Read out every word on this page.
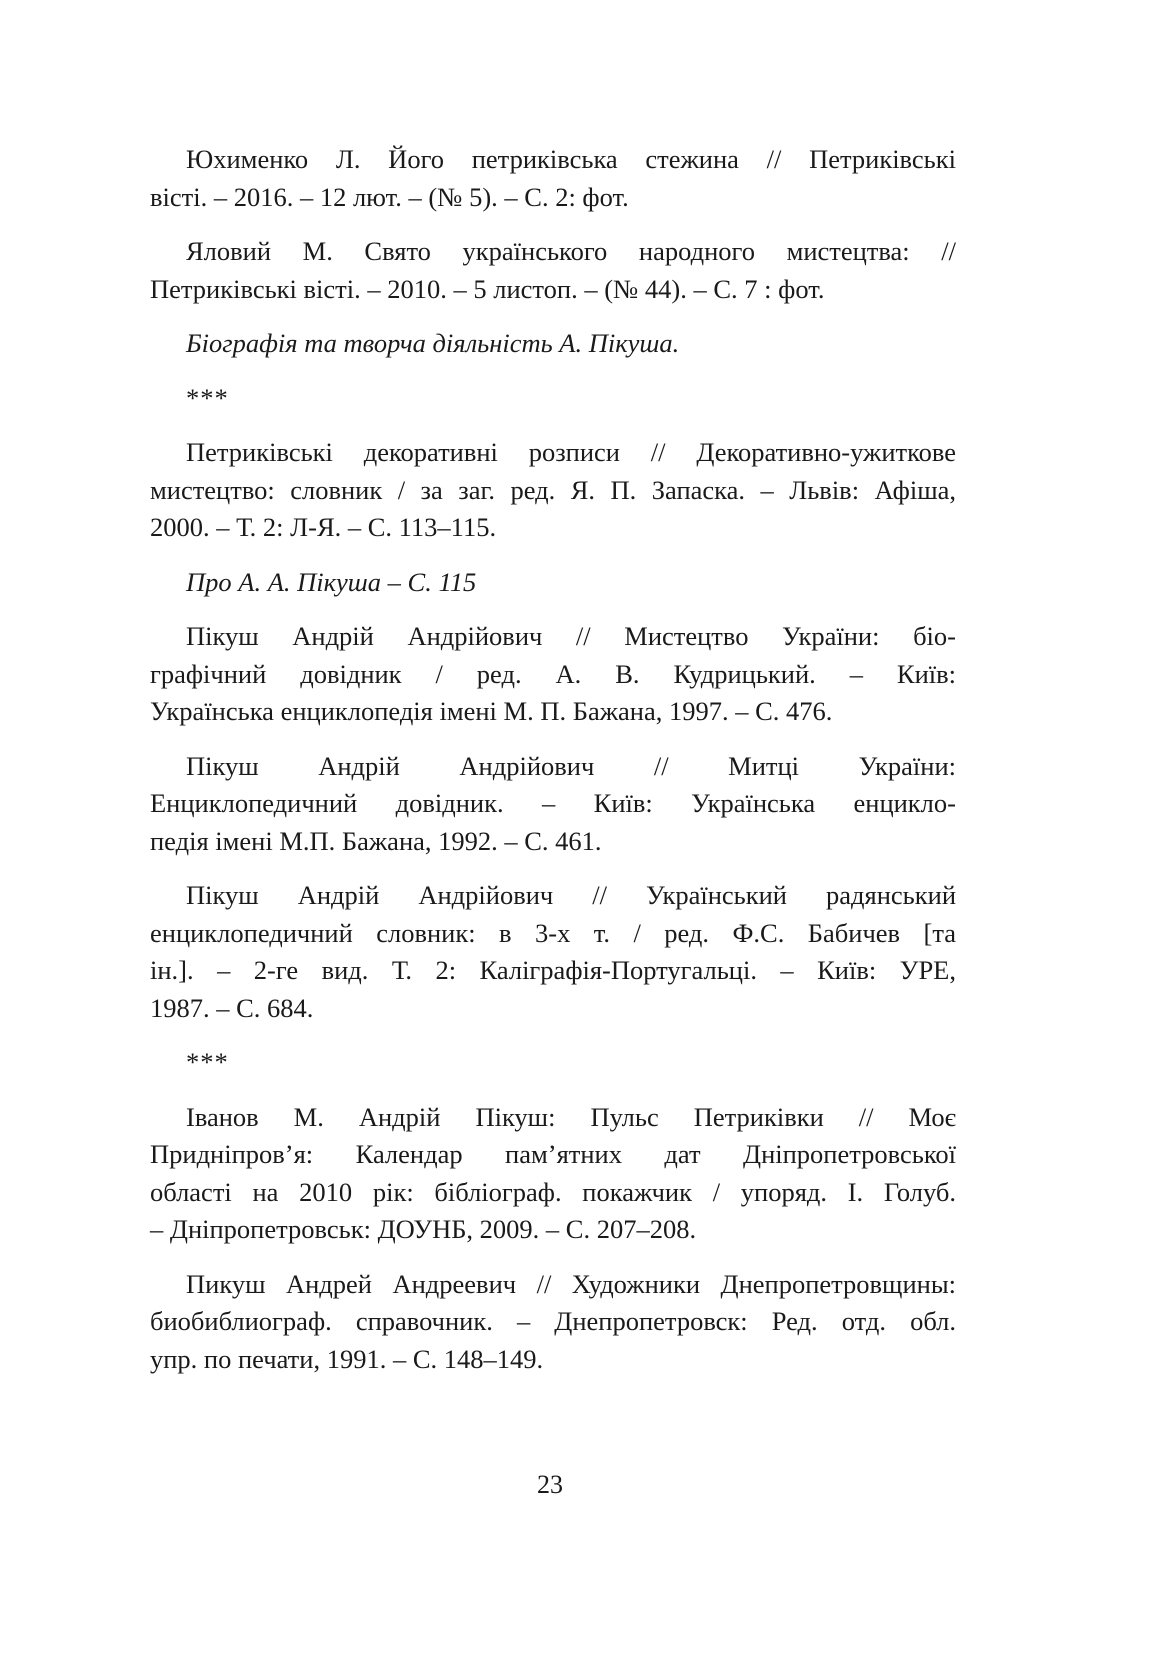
Юхименко Л. Його петриківська стежина // Петриківські
вісті. – 2016. – 12 лют. – (№ 5). – С. 2: фот.
Яловий М. Свято українського народного мистецтва: //
Петриківські вісті. – 2010. – 5 листоп. – (№ 44). – С. 7 : фот.
Біографія та творча діяльність А. Пікуша.
***
Петриківські декоративні розписи // Декоративно-ужиткове
мистецтво: словник / за заг. ред. Я. П. Запаска. – Львів: Афіша,
2000. – Т. 2: Л-Я. – С. 113–115.
Про А. А. Пікуша – С. 115
Пікуш Андрій Андрійович // Мистецтво України: біо-
графічний довідник / ред. А. В. Кудрицький. – Київ:
Українська енциклопедія імені М. П. Бажана, 1997. – С. 476.
Пікуш Андрій Андрійович // Митці України:
Енциклопедичний довідник. – Київ: Українська енцикло-
педія імені М.П. Бажана, 1992. – С. 461.
Пікуш Андрій Андрійович // Український радянський
енциклопедичний словник: в 3-х т. / ред. Ф.С. Бабичев [та
ін.]. – 2-ге вид. Т. 2: Каліграфія-Португальці. – Київ: УРЕ,
1987. – С. 684.
***
Іванов М. Андрій Пікуш: Пульс Петриківки // Моє
Придніпров’я: Календар пам’ятних дат Дніпропетровської
області на 2010 рік: бібліограф. покажчик / упоряд. І. Голуб.
– Дніпропетровськ: ДОУНБ, 2009. – С. 207–208.
Пикуш Андрей Андреевич // Художники Днепропетровщины:
биобиблиограф. справочник. – Днепропетровск: Ред. отд. обл.
упр. по печати, 1991. – С. 148–149.
23
